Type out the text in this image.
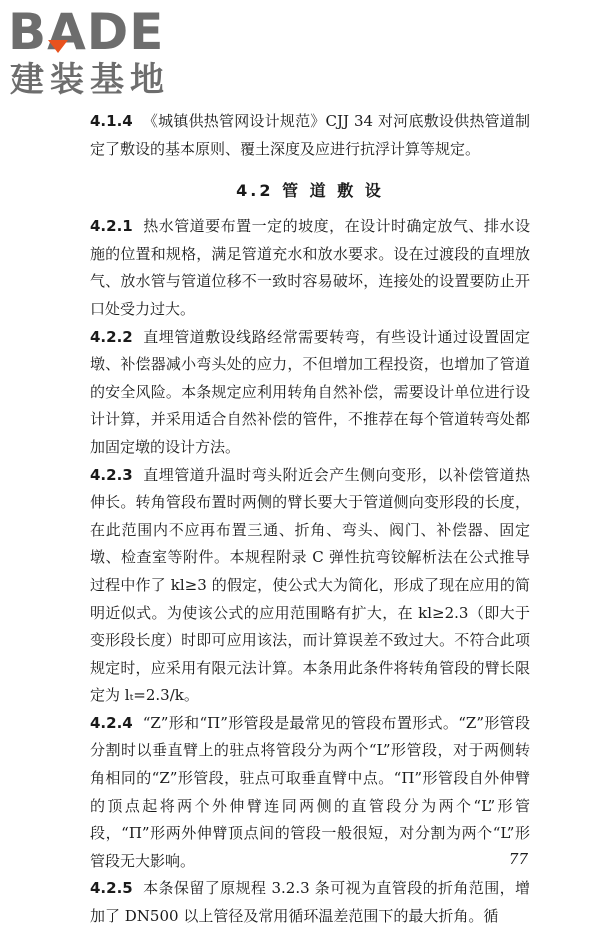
BADE
建装基地

4.1.4 《城镇供热管网设计规范》CJJ 34 对河底敷设供热管道制定了敷设的基本原则、覆土深度及应进行抗浮计算等规定。

4.2 管 道 敷 设

4.2.1 热水管道要布置一定的坡度，在设计时确定放气、排水设施的位置和规格，满足管道充水和放水要求。设在过渡段的直埋放气、放水管与管道位移不一致时容易破坏，连接处的设置要防止开口处受力过大。

4.2.2 直埋管道敷设线路经常需要转弯，有些设计通过设置固定墩、补偿器减小弯头处的应力，不但增加工程投资，也增加了管道的安全风险。本条规定应利用转角自然补偿，需要设计单位进行设计计算，并采用适合自然补偿的管件，不推荐在每个管道转弯处都加固定墩的设计方法。

4.2.3 直埋管道升温时弯头附近会产生侧向变形，以补偿管道热伸长。转角管段布置时两侧的臂长要大于管道侧向变形段的长度，在此范围内不应再布置三通、折角、弯头、阀门、补偿器、固定墩、检查室等附件。本规程附录 C 弹性抗弯铰解析法在公式推导过程中作了 kl≥3 的假定，使公式大为简化，形成了现在应用的简明近似式。为使该公式的应用范围略有扩大，在 kl≥2.3（即大于变形段长度）时即可应用该法，而计算误差不致过大。不符合此项规定时，应采用有限元法计算。本条用此条件将转角管段的臂长限定为 lₜ=2.3/k。

4.2.4 “Z”形和“Π”形管段是最常见的管段布置形式。“Z”形管段分割时以垂直臂上的驻点将管段分为两个“L”形管段，对于两侧转角相同的“Z”形管段，驻点可取垂直臂中点。“Π”形管段自外伸臂的顶点起将两个外伸臂连同两侧的直管段分为两个“L”形管段，“Π”形两外伸臂顶点间的管段一般很短，对分割为两个“L”形管段无大影响。

4.2.5 本条保留了原规程 3.2.3 条可视为直管段的折角范围，增加了 DN500 以上管径及常用循环温差范围下的最大折角。循

77
